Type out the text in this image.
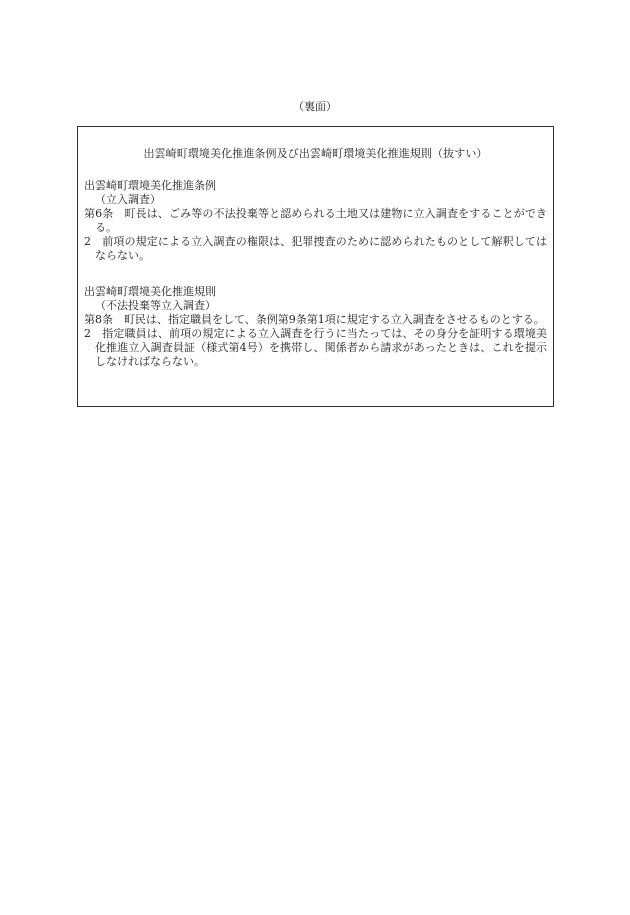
（裏面）
出雲崎町環境美化推進条例及び出雲崎町環境美化推進規則（抜すい）
出雲崎町環境美化推進条例
（立入調査）
第6条　町長は、ごみ等の不法投棄等と認められる土地又は建物に立入調査をすることができる。
2　前項の規定による立入調査の権限は、犯罪捜査のために認められたものとして解釈してはならない。
出雲崎町環境美化推進規則
（不法投棄等立入調査）
第8条　町民は、指定職員をして、条例第9条第1項に規定する立入調査をさせるものとする。
2　指定職員は、前項の規定による立入調査を行うに当たっては、その身分を証明する環境美化推進立入調査員証（様式第4号）を携帯し、関係者から請求があったときは、これを提示しなければならない。
